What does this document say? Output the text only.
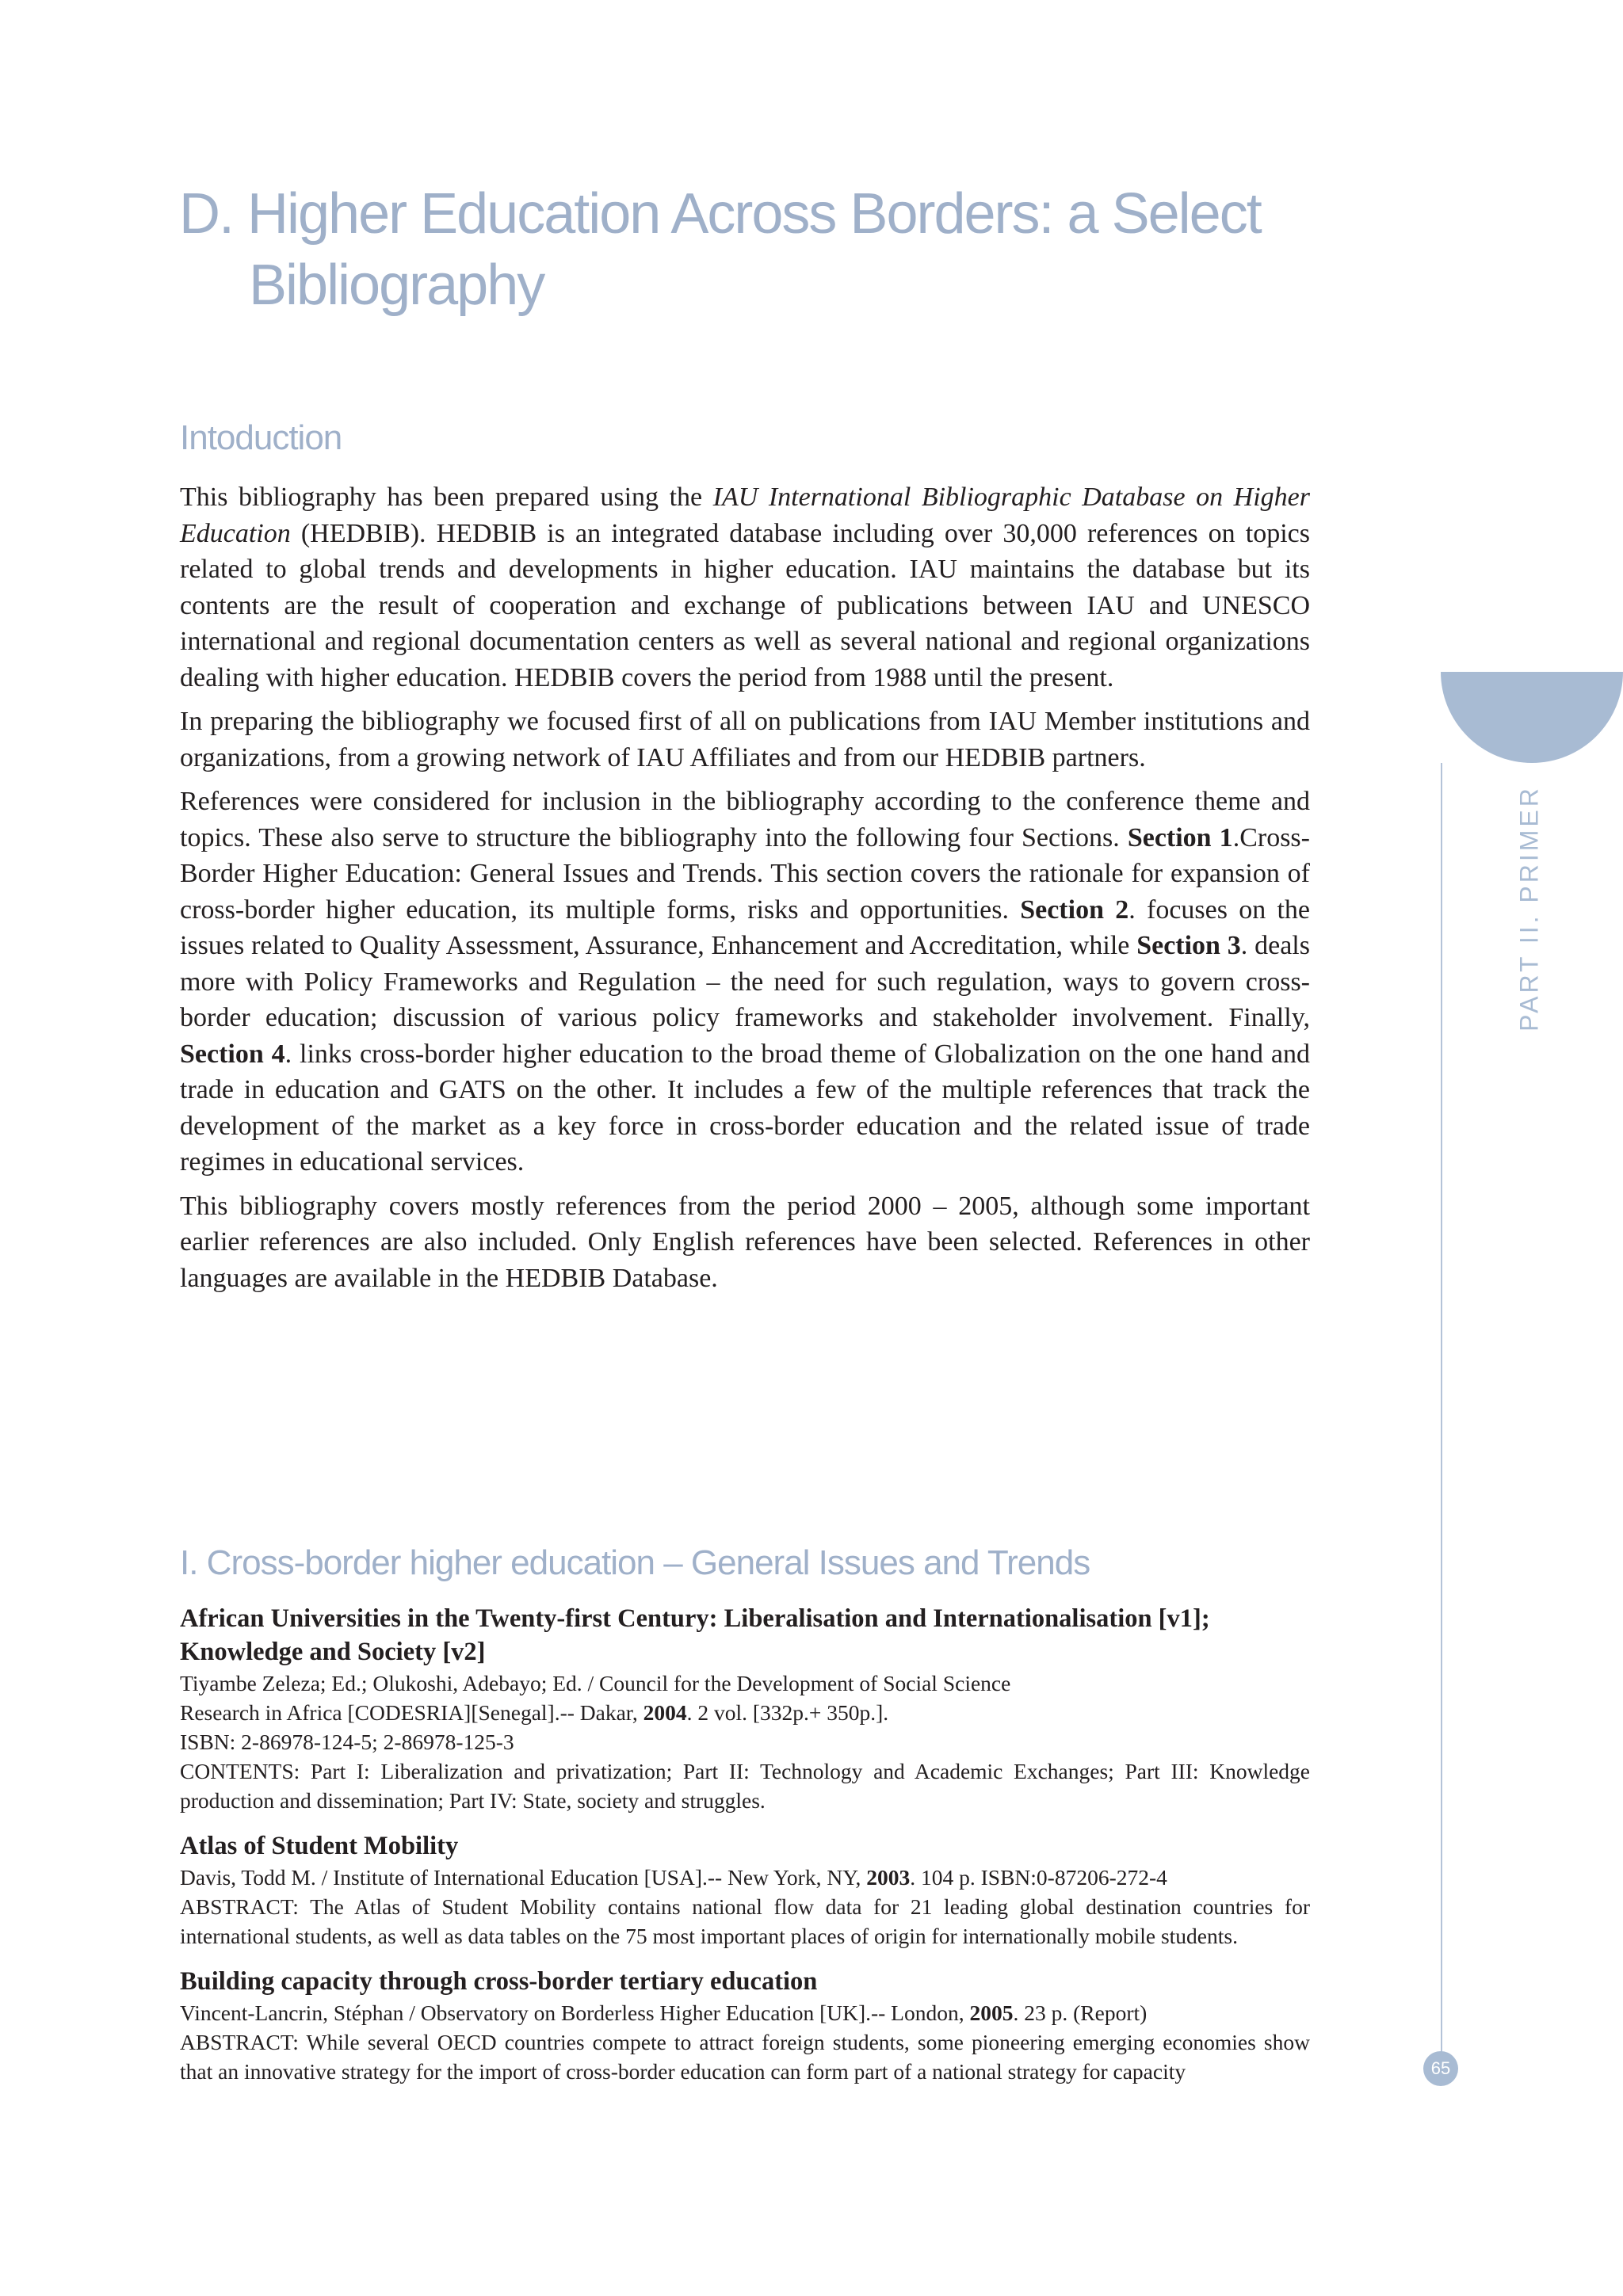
D. Higher Education Across Borders: a Select
Bibliography
Intoduction

This bibliography has been prepared using the IAU International Bibliographic Database on Higher Education (HEDBIB). HEDBIB is an integrated database including over 30,000 references on topics related to global trends and developments in higher education. IAU maintains the database but its contents are the result of cooperation and exchange of publications between IAU and UNESCO international and regional documentation centers as well as several national and regional organizations dealing with higher education. HEDBIB covers the period from 1988 until the present.

In preparing the bibliography we focused first of all on publications from IAU Member institutions and organizations, from a growing network of IAU Affiliates and from our HEDBIB partners.

References were considered for inclusion in the bibliography according to the conference theme and topics. These also serve to structure the bibliography into the following four Sections. Section 1.Cross-Border Higher Education: General Issues and Trends. This section covers the rationale for expansion of cross-border higher education, its multiple forms, risks and opportunities. Section 2. focuses on the issues related to Quality Assessment, Assurance, Enhancement and Accreditation, while Section 3. deals more with Policy Frameworks and Regulation – the need for such regulation, ways to govern cross-border education; discussion of various policy frameworks and stakeholder involvement. Finally, Section 4. links cross-border higher education to the broad theme of Globalization on the one hand and trade in education and GATS on the other. It includes a few of the multiple references that track the development of the market as a key force in cross-border education and the related issue of trade regimes in educational services.

This bibliography covers mostly references from the period 2000 – 2005, although some important earlier references are also included. Only English references have been selected. References in other languages are available in the HEDBIB Database.

I. Cross-border higher education – General Issues and Trends

African Universities in the Twenty-first Century: Liberalisation and Internationalisation [v1]; Knowledge and Society [v2]

Tiyambe Zeleza; Ed.; Olukoshi, Adebayo; Ed. / Council for the Development of Social Science

Research in Africa [CODESRIA][Senegal].-- Dakar, 2004. 2 vol. [332p.+ 350p.].

ISBN: 2-86978-124-5; 2-86978-125-3

CONTENTS: Part I: Liberalization and privatization; Part II: Technology and Academic Exchanges; Part III: Knowledge production and dissemination; Part IV: State, society and struggles.

Atlas of Student Mobility

Davis, Todd M. / Institute of International Education [USA].-- New York, NY, 2003. 104 p. ISBN:0-87206-272-4

ABSTRACT: The Atlas of Student Mobility contains national flow data for 21 leading global destination countries for international students, as well as data tables on the 75 most important places of origin for internationally mobile students.

Building capacity through cross-border tertiary education

Vincent-Lancrin, Stéphan / Observatory on Borderless Higher Education [UK].-- London, 2005. 23 p. (Report)

ABSTRACT: While several OECD countries compete to attract foreign students, some pioneering emerging economies show that an innovative strategy for the import of cross-border education can form part of a national strategy for capacity

PART II. PRIMER
65
